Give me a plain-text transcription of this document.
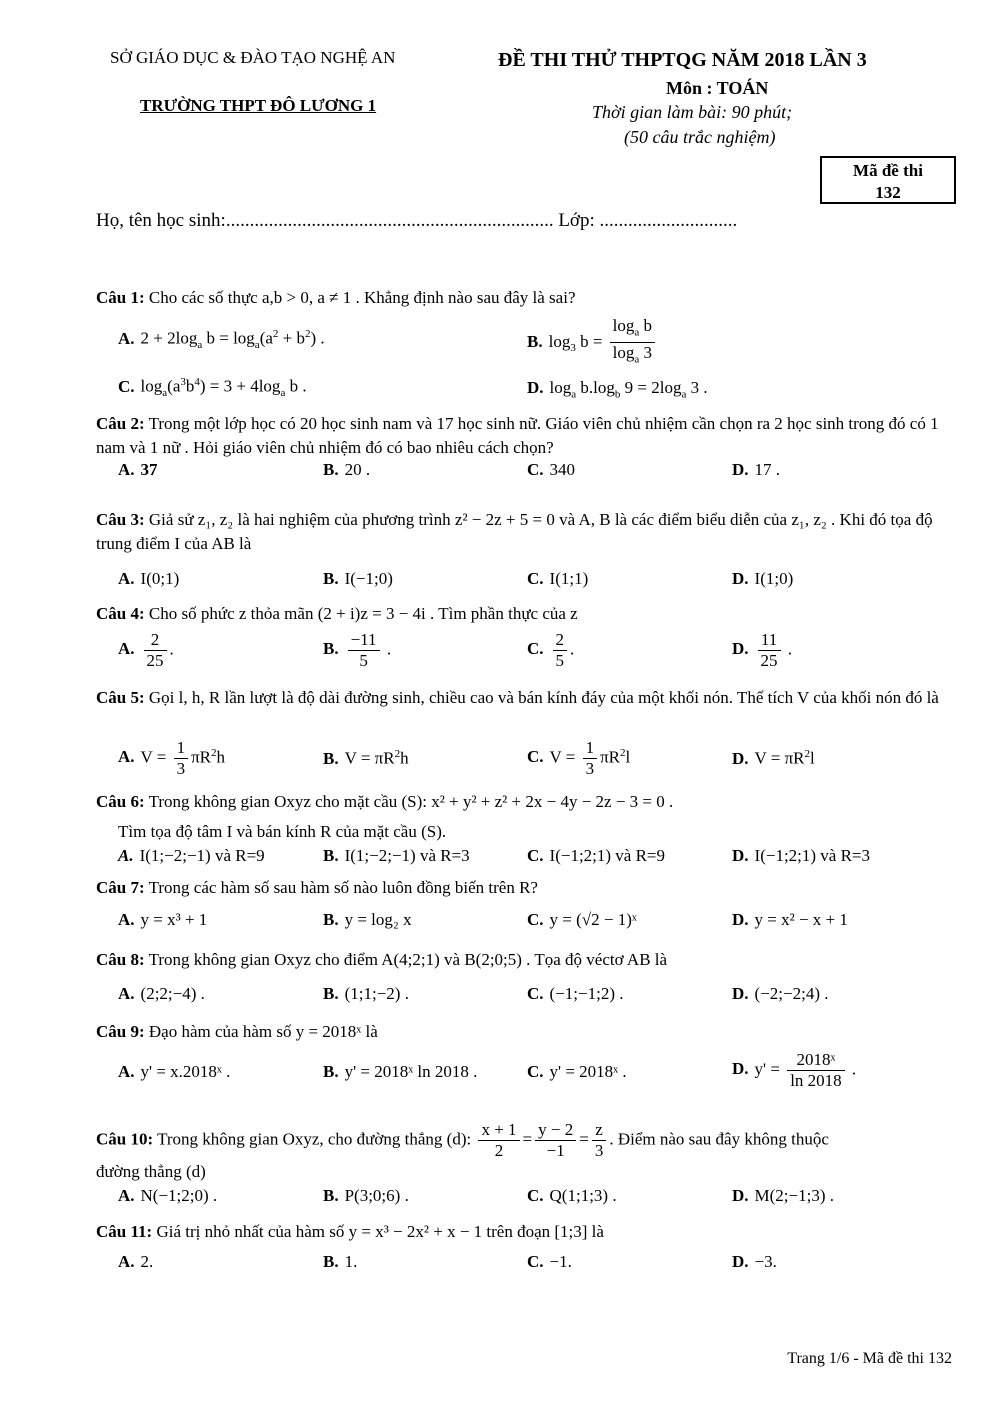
SỞ GIÁO DỤC & ĐÀO TẠO NGHỆ AN
TRƯỜNG THPT ĐÔ LƯƠNG 1
ĐỀ THI THỬ THPTQG NĂM 2018 LẦN 3
Môn : TOÁN
Thời gian làm bài: 90 phút;
(50 câu trắc nghiệm)
Mã đề thi
132
Họ, tên học sinh:..................................................................... Lớp: .............................
Câu 1: Cho các số thực a,b > 0, a ≠ 1 . Khẳng định nào sau đây là sai?
A. $2 + 2\log_a$ $b = \log_a(a^2 + b^2)$ .	B. $\log_3 b = \frac{\log_a b}{\log_a 3}$
C. $\log_a(a^3b^4) = 3 + 4\log_a$ b .	D. $\log_a b.\log_b$ $9 = 2\log_a$ 3 .
Câu 2: Trong một lớp học có 20 học sinh nam và 17 học sinh nữ. Giáo viên chủ nhiệm cần chọn ra 2 học sinh trong đó có 1 nam và 1 nữ . Hỏi giáo viên chủ nhiệm đó có bao nhiêu cách chọn?
A. 37	B. 20 .	C. 340	D. 17 .
Câu 3: Giả sử z₁, z₂ là hai nghiệm của phương trình z² − 2z + 5 = 0 và A, B là các điểm biểu diễn của z₁, z₂ . Khi đó tọa độ trung điểm I của AB là
A. I(0;1)	B. I(−1;0)	C. I(1;1)	D. I(1;0)
Câu 4: Cho số phức z thỏa mãn (2 + i)z = 3 − 4i . Tìm phần thực của z
A. $\frac{2}{25}$ .	B. $\frac{-11}{5}$ .	C. $\frac{2}{5}$ .	D. $\frac{11}{25}$ .
Câu 5: Gọi l, h, R lần lượt là độ dài đường sinh, chiều cao và bán kính đáy của một khối nón. Thể tích V của khối nón đó là
A. $V = \frac{1}{3} \pi R^2h$	B. $V = \pi R^2h$	C. $V = \frac{1}{3} \pi R^2l$	D. $V = \pi R^2l$
Câu 6: Trong không gian Oxyz cho mặt cầu (S): x² + y² + z² + 2x − 4y − 2z − 3 = 0 .
Tìm tọa độ tâm I và bán kính R của mặt cầu (S).
A. I(1;−2;−1) và R=9	B. I(1;−2;−1) và R=3	C. I(−1;2;1) và R=9	D. I(−1;2;1) và R=3
Câu 7: Trong các hàm số sau hàm số nào luôn đồng biến trên R?
A. y = x³ + 1	B. y = log₂ x	C. y = (√2 − 1)ˣ	D. y = x² − x + 1
Câu 8: Trong không gian Oxyz cho điểm A(4;2;1) và B(2;0;5) . Tọa độ véctơ AB là
A. (2;2;−4) .	B. (1;1;−2) .	C. (−1;−1;2) .	D. (−2;−2;4) .
Câu 9: Đạo hàm của hàm số y = 2018ˣ là
A. y' = x.2018ˣ .	B. y' = 2018ˣ ln 2018 .	C. y' = 2018ˣ .	D. $y' = \frac{\text{2018ˣ}}{\ln 2018}$ .
Câu 10: Trong không gian Oxyz, cho đường thẳng (d): $\frac{x + 1}{2} = \frac{y - 2}{-1} = \frac{z}{3}$ . Điểm nào sau đây không thuộc
đường thẳng (d)
A. N(−1;2;0) .	B. P(3;0;6) .	C. Q(1;1;3) .	D. M(2;−1;3) .
Câu 11: Giá trị nhỏ nhất của hàm số y = x³ − 2x² + x − 1 trên đoạn [1;3] là
A. 2.	B. 1.	C. −1.	D. −3.
Trang 1/6 - Mã đề thi 132
